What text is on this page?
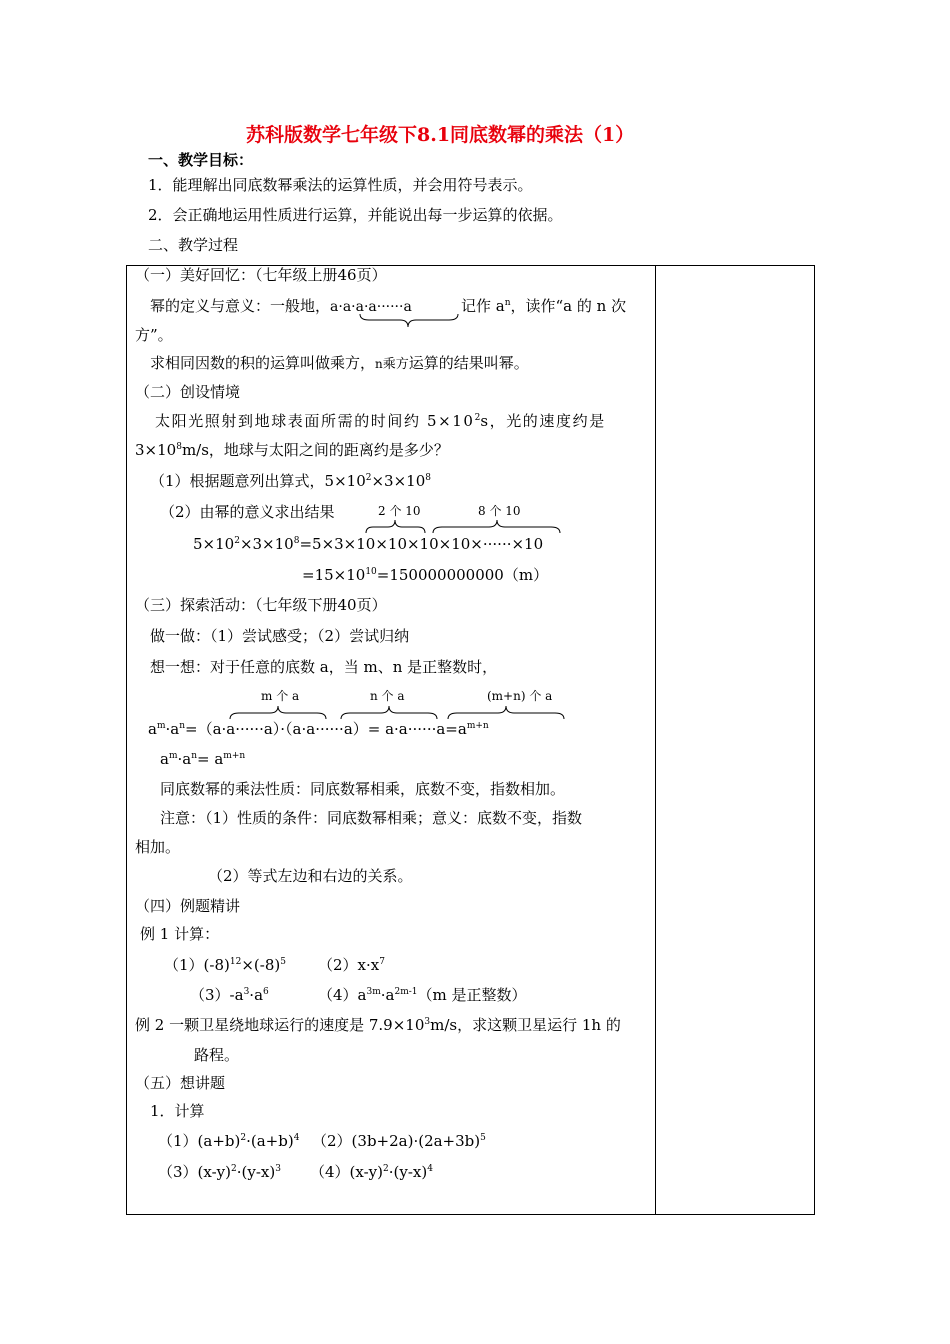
苏科版数学七年级下8.1同底数幂的乘法（1）
一、教学目标：
1．能理解出同底数幂乘法的运算性质，并会用符号表示。
2．会正确地运用性质进行运算，并能说出每一步运算的依据。
二、教学过程
（一）美好回忆：（七年级上册46页）
幂的定义与意义：一般地，a·a·a·a······a	记作 $a^n$，读作“a 的 n 次
方”。
求相同因数的积的运算叫做乘方，n乘方运算的结果叫幂。
（二）创设情境
太阳光照射到地球表面所需的时间约 $5\times 10^2s$，光的速度约是
$3\times 10^8m/s$，地球与太阳之间的距离约是多少？
（1）根据题意列出算式，$5\times 10^2\times 3\times 10^8$
（2）由幂的意义求出结果	2 个 10	8 个 10
$5\times 10^2\times 3\times 10^8=5\times 3\times 10\times 10\times 10\times 10\times\cdot\cdot\cdot\cdot\cdot\cdot\times 10$
$=15\times 10^{10}=150000000000(m)$
（三）探索活动：（七年级下册40页）
做一做：（1）尝试感受；（2）尝试归纳
想一想：对于任意的底数 a，当 m、n 是正整数时，
m 个 a	n 个 a	(m+n) 个 a
$a^m\cdot a^n=(a\cdot a\cdot\cdot\cdot\cdot\cdot\cdot a)\cdot(a\cdot a\cdot\cdot\cdot\cdot\cdot\cdot a)= a\cdot a\cdot\cdot\cdot\cdot\cdot\cdot a=a^{m+n}$
$a^m\cdot a^n= a^{m+n}$
同底数幂的乘法性质：同底数幂相乘，底数不变，指数相加。
注意：（1）性质的条件：同底数幂相乘；意义：底数不变，指数
相加。
（2）等式左边和右边的关系。
（四）例题精讲
例 1 计算：
$(1)(-8)^{12}\times(-8)^5$ $(2)x\cdot x^7$
$(3)-a^3\cdot a^6$	$(4)a^{3m}\cdot a^{2m-1}(m$ 是正整数）
例 2 一颗卫星绕地球运行的速度是 $7.9\times 10^3m/s$，求这颗卫星运行 1h 的
路程。
（五）想讲题
1．计算
$(1)(a+b)^2\cdot(a+b)^4$ $(2)(3b+2a)\cdot(2a+3b)^5$
$(3)(x-y)^2\cdot(y-x)^3$ $(4)(x-y)^2\cdot(y-x)^4$
